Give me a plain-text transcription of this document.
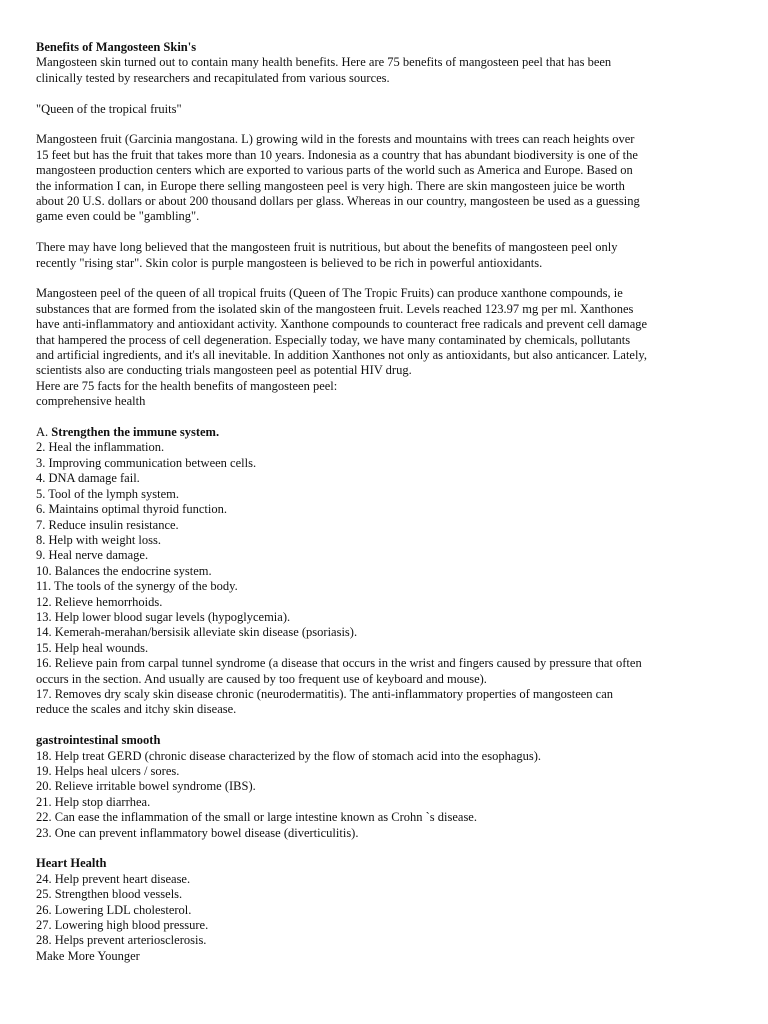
Benefits of Mangosteen Skin's
Mangosteen skin turned out to contain many health benefits. Here are 75 benefits of mangosteen peel that has been
clinically tested by researchers and recapitulated from various sources.
"Queen of the tropical fruits"
Mangosteen fruit (Garcinia mangostana. L) growing wild in the forests and mountains with trees can reach heights over
15 feet but has the fruit that takes more than 10 years. Indonesia as a country that has abundant biodiversity is one of the
mangosteen production centers which are exported to various parts of the world such as America and Europe. Based on
the information I can, in Europe there selling mangosteen peel is very high. There are skin mangosteen juice be worth
about 20 U.S. dollars or about 200 thousand dollars per glass. Whereas in our country, mangosteen be used as a guessing
game even could be "gambling".
There may have long believed that the mangosteen fruit is nutritious, but about the benefits of mangosteen peel only
recently "rising star". Skin color is purple mangosteen is believed to be rich in powerful antioxidants.
Mangosteen peel of the queen of all tropical fruits (Queen of The Tropic Fruits) can produce xanthone compounds, ie
substances that are formed from the isolated skin of the mangosteen fruit. Levels reached 123.97 mg per ml. Xanthones
have anti-inflammatory and antioxidant activity. Xanthone compounds to counteract free radicals and prevent cell damage
that hampered the process of cell degeneration. Especially today, we have many contaminated by chemicals, pollutants
and artificial ingredients, and it's all inevitable. In addition Xanthones not only as antioxidants, but also anticancer. Lately,
scientists also are conducting trials mangosteen peel as potential HIV drug.
Here are 75 facts for the health benefits of mangosteen peel:
comprehensive health
A. Strengthen the immune system.
2. Heal the inflammation.
3. Improving communication between cells.
4. DNA damage fail.
5. Tool of the lymph system.
6. Maintains optimal thyroid function.
7. Reduce insulin resistance.
8. Help with weight loss.
9. Heal nerve damage.
10. Balances the endocrine system.
11. The tools of the synergy of the body.
12. Relieve hemorrhoids.
13. Help lower blood sugar levels (hypoglycemia).
14. Kemerah-merahan/bersisik alleviate skin disease (psoriasis).
15. Help heal wounds.
16. Relieve pain from carpal tunnel syndrome (a disease that occurs in the wrist and fingers caused by pressure that often
occurs in the section. And usually are caused by too frequent use of keyboard and mouse).
17. Removes dry scaly skin disease chronic (neurodermatitis). The anti-inflammatory properties of mangosteen can
reduce the scales and itchy skin disease.
gastrointestinal smooth
18. Help treat GERD (chronic disease characterized by the flow of stomach acid into the esophagus).
19. Helps heal ulcers / sores.
20. Relieve irritable bowel syndrome (IBS).
21. Help stop diarrhea.
22. Can ease the inflammation of the small or large intestine known as Crohn `s disease.
23. One can prevent inflammatory bowel disease (diverticulitis).
Heart Health
24. Help prevent heart disease.
25. Strengthen blood vessels.
26. Lowering LDL cholesterol.
27. Lowering high blood pressure.
28. Helps prevent arteriosclerosis.
Make More Younger
